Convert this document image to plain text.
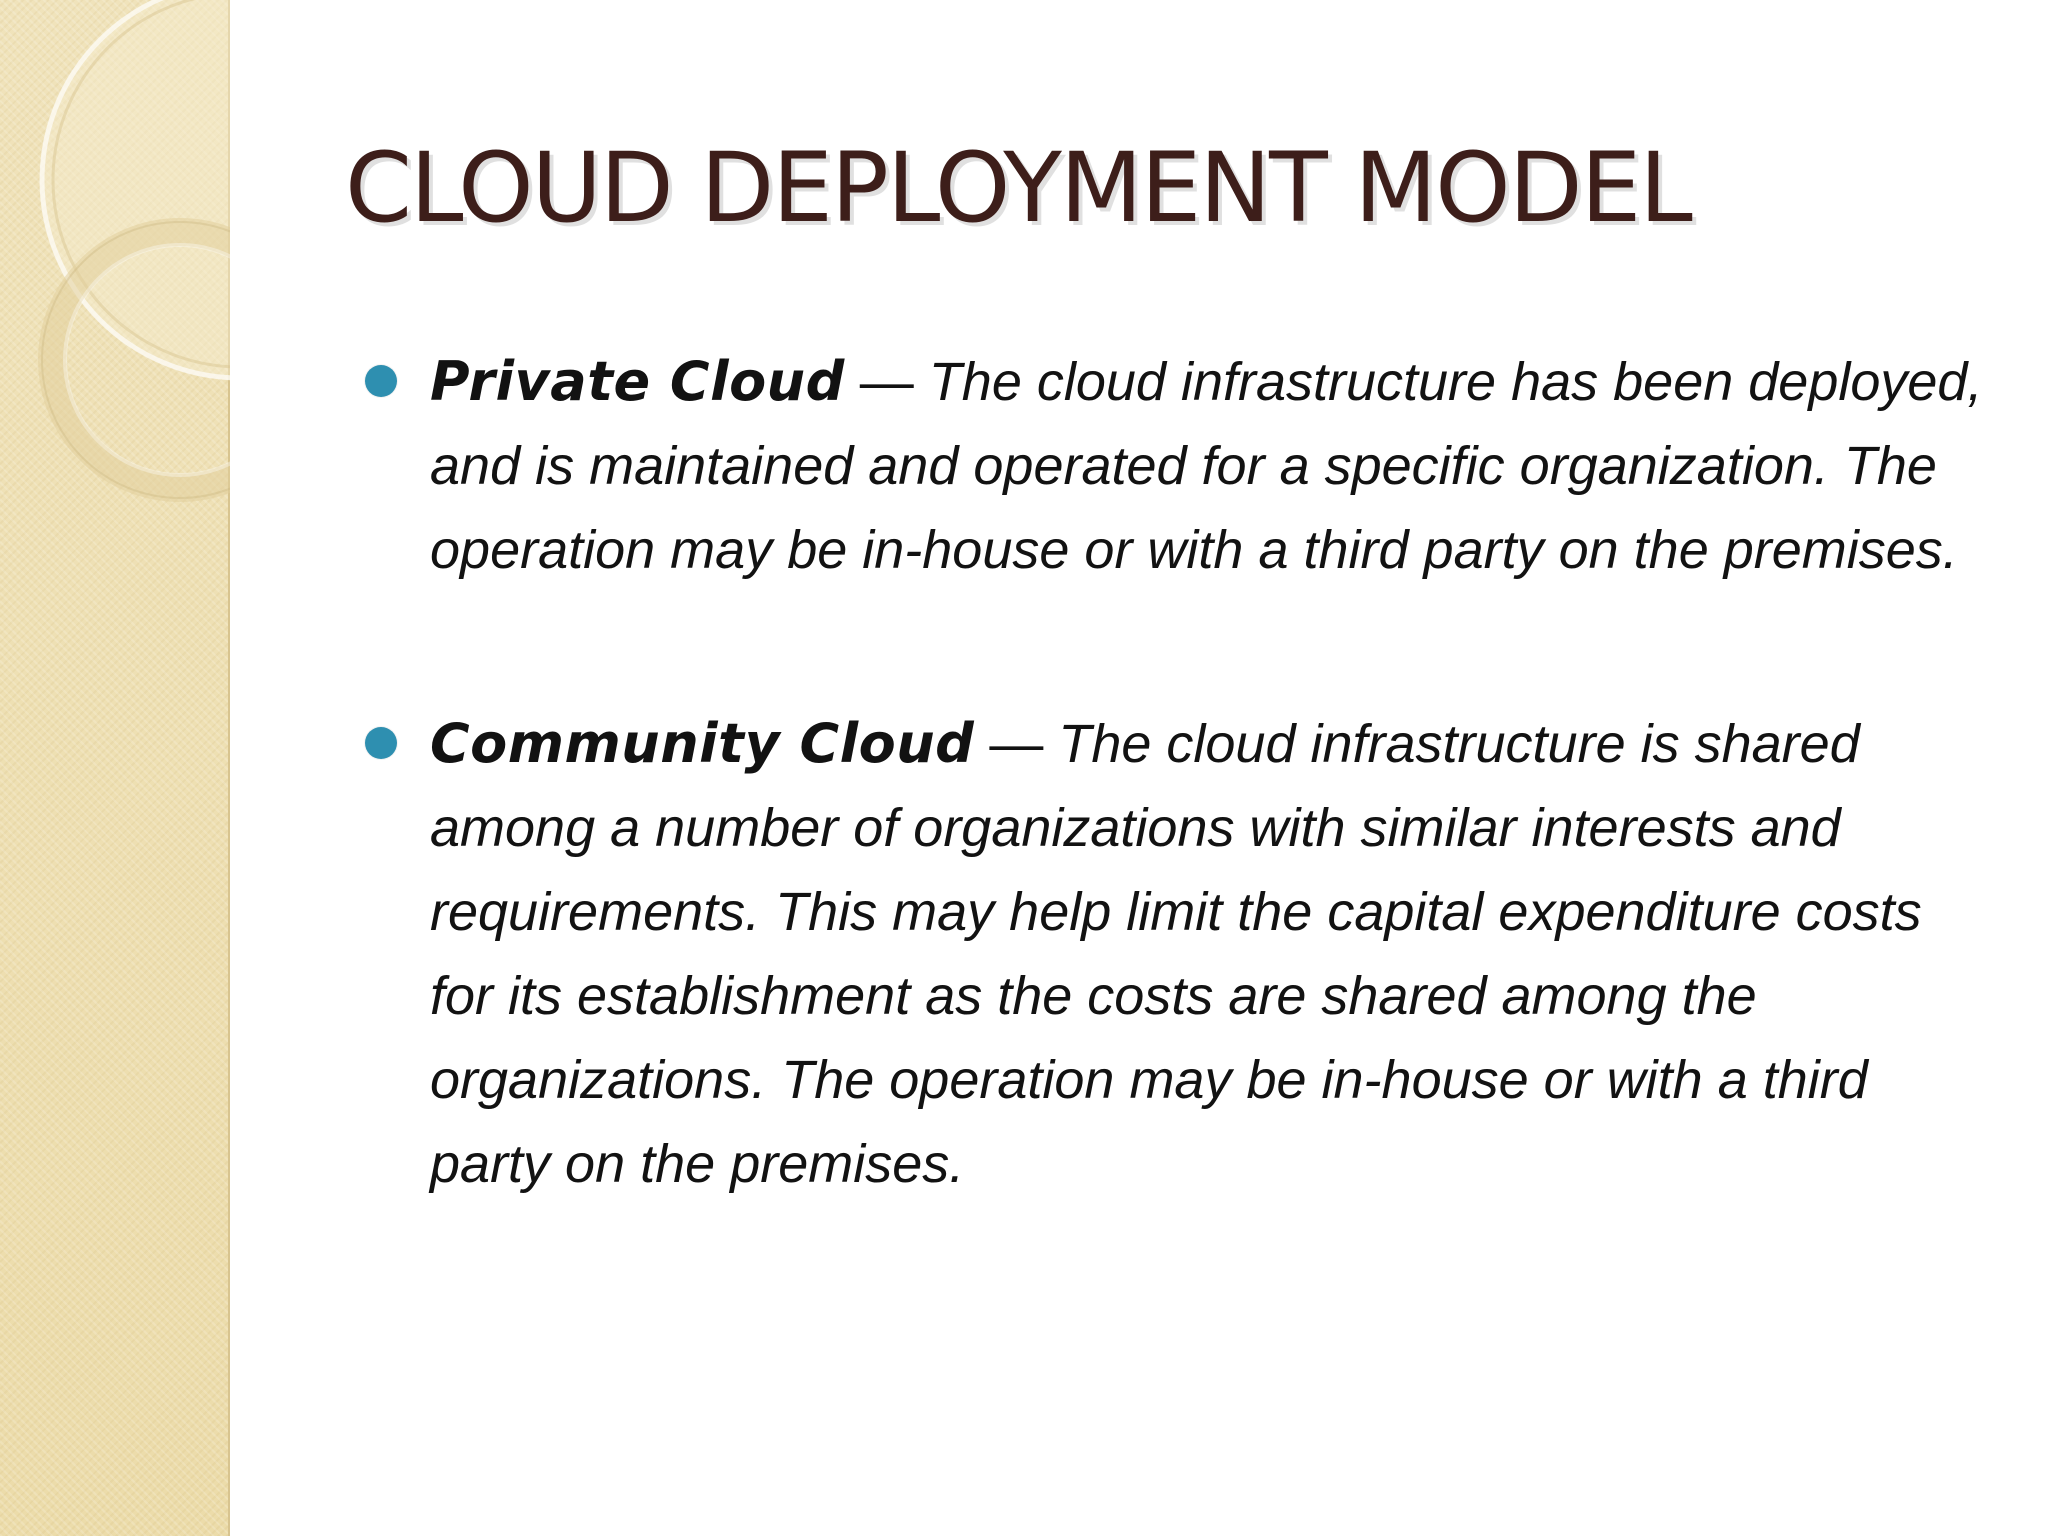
CLOUD DEPLOYMENT MODEL
Private Cloud — The cloud infrastructure has been deployed, and is maintained and operated for a specific organization. The operation may be in-house or with a third party on the premises.
Community Cloud — The cloud infrastructure is shared among a number of organizations with similar interests and requirements. This may help limit the capital expenditure costs for its establishment as the costs are shared among the organizations. The operation may be in-house or with a third party on the premises.
